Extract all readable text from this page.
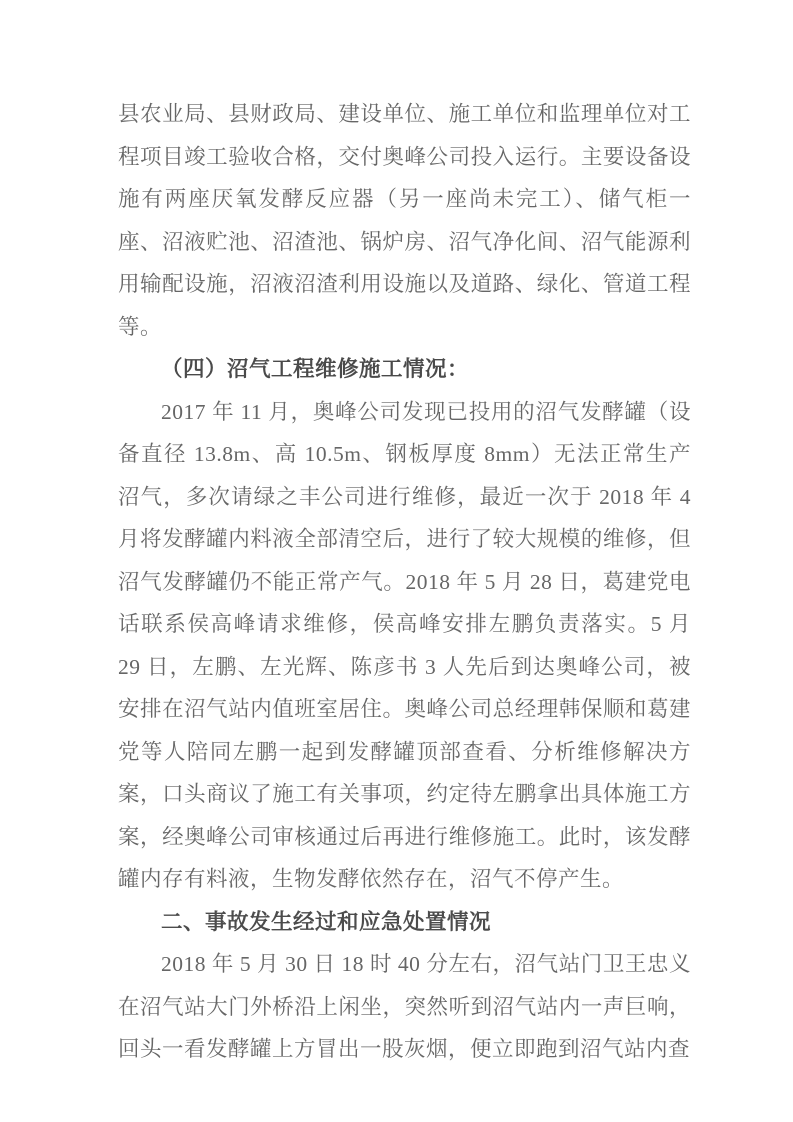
县农业局、县财政局、建设单位、施工单位和监理单位对工程项目竣工验收合格，交付奥峰公司投入运行。主要设备设施有两座厌氧发酵反应器（另一座尚未完工）、储气柜一座、沼液贮池、沼渣池、锅炉房、沼气净化间、沼气能源利用输配设施，沼液沼渣利用设施以及道路、绿化、管道工程等。

（四）沼气工程维修施工情况：

2017 年 11 月，奥峰公司发现已投用的沼气发酵罐（设备直径 13.8m、高 10.5m、钢板厚度 8mm）无法正常生产沼气，多次请绿之丰公司进行维修，最近一次于 2018 年 4 月将发酵罐内料液全部清空后，进行了较大规模的维修，但沼气发酵罐仍不能正常产气。2018 年 5 月 28 日，葛建党电话联系侯高峰请求维修，侯高峰安排左鹏负责落实。5 月 29 日，左鹏、左光辉、陈彦书 3 人先后到达奥峰公司，被安排在沼气站内值班室居住。奥峰公司总经理韩保顺和葛建党等人陪同左鹏一起到发酵罐顶部查看、分析维修解决方案，口头商议了施工有关事项，约定待左鹏拿出具体施工方案，经奥峰公司审核通过后再进行维修施工。此时，该发酵罐内存有料液，生物发酵依然存在，沼气不停产生。

二、事故发生经过和应急处置情况

2018 年 5 月 30 日 18 时 40 分左右，沼气站门卫王忠义在沼气站大门外桥沿上闲坐，突然听到沼气站内一声巨响，回头一看发酵罐上方冒出一股灰烟，便立即跑到沼气站内查
